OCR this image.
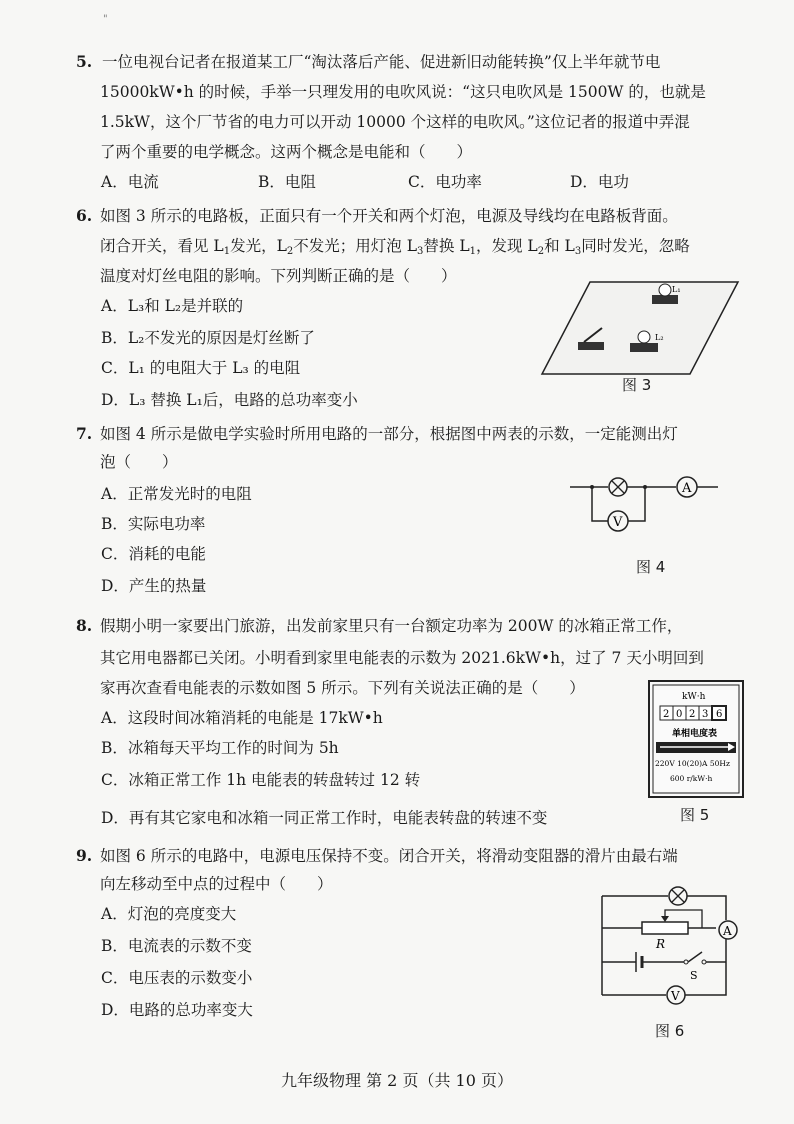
"
5. 一位电视台记者在报道某工厂“淘汰落后产能、促进新旧动能转换”仅上半年就节电
15000kW•h 的时候，手举一只理发用的电吹风说：“这只电吹风是 1500W 的，也就是
1.5kW，这个厂节省的电力可以开动 10000 个这样的电吹风。”这位记者的报道中弄混
了两个重要的电学概念。这两个概念是电能和（　　）
A．电流	B．电阻	C．电功率	D．电功
6. 如图 3 所示的电路板，正面只有一个开关和两个灯泡，电源及导线均在电路板背面。
闭合开关，看见 $L_1$发光，$L_2$不发光；用灯泡 $L_3$替换 $L_1$，发现 $L_2$和 $L_3$同时发光，忽略
温度对灯丝电阻的影响。下列判断正确的是（　　）
A．L₃和 L₂是并联的
B．L₂不发光的原因是灯丝断了
C．L₁ 的电阻大于 L₃ 的电阻
D．L₃ 替换 L₁后，电路的总功率变小
L₁
L₂
图 3
7. 如图 4 所示是做电学实验时所用电路的一部分，根据图中两表的示数，一定能测出灯
泡（　　）
A．正常发光时的电阻
B．实际电功率
C．消耗的电能
D．产生的热量
A
V
图 4
8. 假期小明一家要出门旅游，出发前家里只有一台额定功率为 200W 的冰箱正常工作，
其它用电器都已关闭。小明看到家里电能表的示数为 2021.6kW•h，过了 7 天小明回到
家再次查看电能表的示数如图 5 所示。下列有关说法正确的是（　　）
A．这段时间冰箱消耗的电能是 17kW•h
B．冰箱每天平均工作的时间为 5h
C．冰箱正常工作 1h 电能表的转盘转过 12 转
D．再有其它家电和冰箱一同正常工作时，电能表转盘的转速不变
kW·h
2 0 2 3 6
单相电度表
220V 10(20)A 50Hz
600 r/kW·h
图 5
9. 如图 6 所示的电路中，电源电压保持不变。闭合开关，将滑动变阻器的滑片由最右端
向左移动至中点的过程中（　　）
A．灯泡的亮度变大
B．电流表的示数不变
C．电压表的示数变小
D．电路的总功率变大
R
A
S
V
图 6
九年级物理 第 2 页（共 10 页）
